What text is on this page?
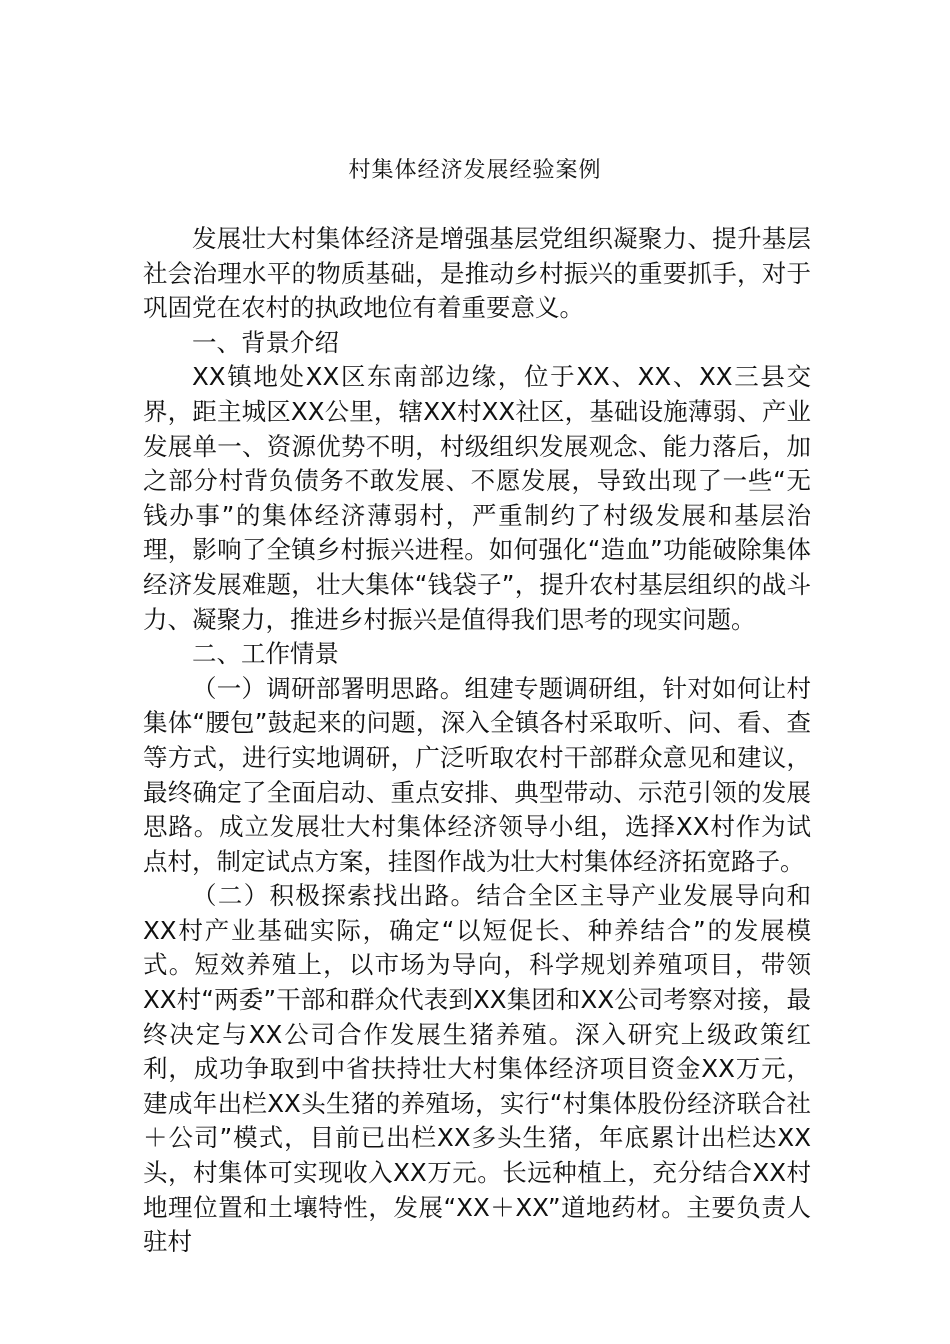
村集体经济发展经验案例

发展壮大村集体经济是增强基层党组织凝聚力、提升基层社会治理水平的物质基础，是推动乡村振兴的重要抓手，对于巩固党在农村的执政地位有着重要意义。

一、背景介绍

XX镇地处XX区东南部边缘，位于XX、XX、XX三县交界，距主城区XX公里，辖XX村XX社区，基础设施薄弱、产业发展单一、资源优势不明，村级组织发展观念、能力落后，加之部分村背负债务不敢发展、不愿发展，导致出现了一些“无钱办事”的集体经济薄弱村，严重制约了村级发展和基层治理，影响了全镇乡村振兴进程。如何强化“造血”功能破除集体经济发展难题，壮大集体“钱袋子”，提升农村基层组织的战斗力、凝聚力，推进乡村振兴是值得我们思考的现实问题。

二、工作情景

（一）调研部署明思路。组建专题调研组，针对如何让村集体“腰包”鼓起来的问题，深入全镇各村采取听、问、看、查等方式，进行实地调研，广泛听取农村干部群众意见和建议，最终确定了全面启动、重点安排、典型带动、示范引领的发展思路。成立发展壮大村集体经济领导小组，选择XX村作为试点村，制定试点方案，挂图作战为壮大村集体经济拓宽路子。

（二）积极探索找出路。结合全区主导产业发展导向和XX村产业基础实际，确定“以短促长、种养结合”的发展模式。短效养殖上，以市场为导向，科学规划养殖项目，带领XX村“两委”干部和群众代表到XX集团和XX公司考察对接，最终决定与XX公司合作发展生猪养殖。深入研究上级政策红利，成功争取到中省扶持壮大村集体经济项目资金XX万元，建成年出栏XX头生猪的养殖场，实行“村集体股份经济联合社＋公司”模式，目前已出栏XX多头生猪，年底累计出栏达XX头，村集体可实现收入XX万元。长远种植上，充分结合XX村地理位置和土壤特性，发展“XX＋XX”道地药材。主要负责人驻村
